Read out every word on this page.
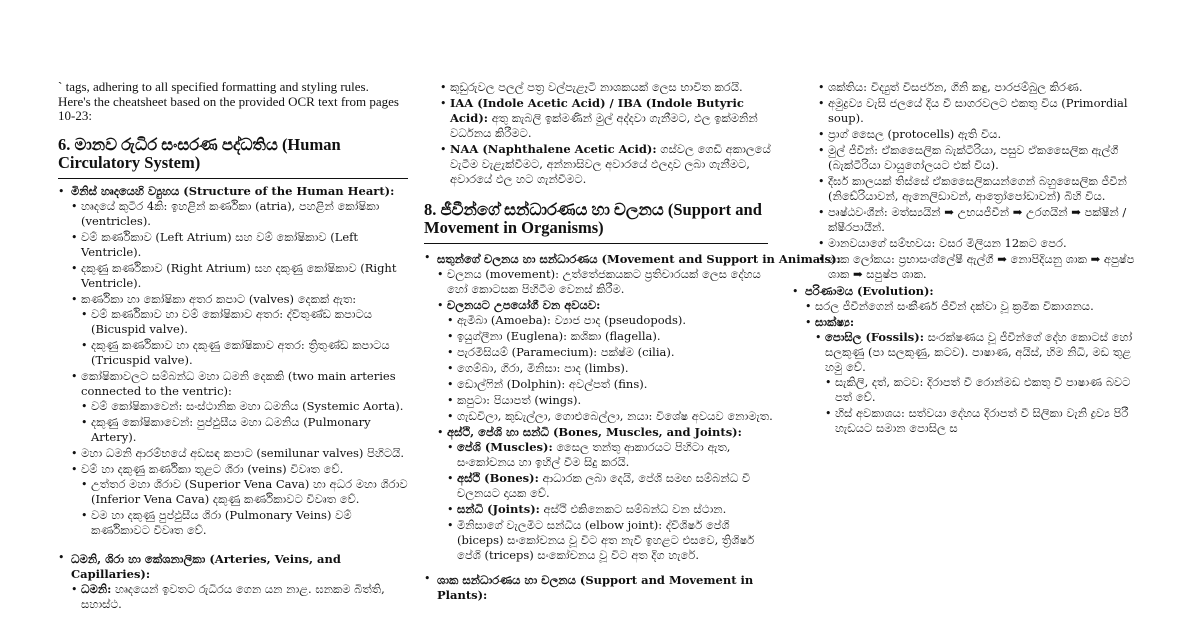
` tags, adhering to all specified formatting and styling rules.

Here's the cheatsheet based on the provided OCR text from pages

10-23:

6. මානව රුධිර සංසරණ පද්ධතිය (Human Circulatory System)
• මිනිස් හෘදයෙහි ව්‍යුහය (Structure of the Human Heart):
• හෘදයේ කුටීර 4කි: ඉහළින් කර්ණිකා (atria), පහළින් කෝෂිකා (ventricles).
• වම් කර්ණිකාව (Left Atrium) සහ වම් කෝෂිකාව (Left Ventricle).
• දකුණු කර්ණිකාව (Right Atrium) සහ දකුණු කෝෂිකාව (Right Ventricle).
• කර්ණිකා හා කෝෂිකා අතර කපාට (valves) දෙකක් ඇත:
• වම් කර්ණිකාව හා වම් කෝෂිකාව අතර: ද්විතුණ්ඩ කපාටය (Bicuspid valve).
• දකුණු කර්ණිකාව හා දකුණු කෝෂිකාව අතර: ත්‍රිතුණ්ඩ කපාටය (Tricuspid valve).
• කෝෂිකාවලට සම්බන්ධ මහා ධමනි දෙකකි (two main arteries connected to the ventric):
• වම් කෝෂිකාවෙන්: සංස්ථානික මහා ධමනිය (Systemic Aorta).
• දකුණු කෝෂිකාවෙන්: පුප්ඵුසීය මහා ධමනිය (Pulmonary Artery).
• මහා ධමනි ආරම්භයේ අඩසඳ කපාට (semilunar valves) පිහිටයි.
• වම් හා දකුණු කර්ණිකා තුළට ශිරා (veins) විවෘත වේ.
• උත්තර මහා ශිරාව (Superior Vena Cava) හා අධර මහා ශිරාව (Inferior Vena Cava) දකුණු කර්ණිකාවට විවෘත වේ.
• වම හා දකුණු පුප්ඵුසීය ශිරා (Pulmonary Veins) වම් කර්ණිකාවට විවෘත වේ.
• ධමනි, ශිරා හා කේශනාලිකා (Arteries, Veins, and Capillaries):
• ධමනි: හෘදයෙන් ඉවතට රුධිරය ගෙන යන නාළ. ඝනකම බිත්ති, සහාස්ථ.
• කුඩුරුවල පලල් පත්‍ර වල්පැළෑටි නාශකයක් ලෙස භාවිත කරයි.
• IAA (Indole Acetic Acid) / IBA (Indole Butyric Acid): අතු කැබලි ඉක්මණින් මුල් අද්දවා ගැනීමට, ඵල ඉක්මනින් වර්ධනය කිරීමට.
• NAA (Naphthalene Acetic Acid): ගස්වල ගෙඩි අකාලයේ වැටීම වැළැක්වීමට, අන්නාසිවල අවාරයේ ඵලදාව ලබා ගැනීමට, අවාරයේ ඵල හට ගැන්වීමට.
8. ජීවීන්ගේ සන්ධාරණය හා චලනය (Support and Movement in Organisms)
• සතුන්ගේ චලනය හා සන්ධාරණය (Movement and Support in Animals):
• චලනය (movement): උත්තේජකයකට ප්‍රතිචාරයක් ලෙස දේහය හෝ කොටසක පිහිටීම වෙනස් කිරීම.
• චලනයට උපයෝගී වන අවයව:
• ඇමීබා (Amoeba): ව්‍යාජ පාද (pseudopods).
• ඉයුග්ලීනා (Euglena): කශිකා (flagella).
• පැරමීසියම් (Paramecium): පක්ෂ්ම (cilia).
• ගෙම්බා, ගිරා, මිනිසා: පාද (limbs).
• ඩොල්ෆින් (Dolphin): අවල්පත් (fins).
• කපුටා: පියාපත් (wings).
• ගැඩවිලා, කුඩැල්ලා, ගොළුබෙල්ලා, නයා: විශේෂ අවයව නොමැත.
• අස්ථි, පේශි හා සන්ධි (Bones, Muscles, and Joints):
• පේශි (Muscles): සෛල තන්තු ආකාරයට පිහිටා ඇත, සංකෝචනය හා ඉහිල් වීම සිදු කරයි.
• අස්ථි (Bones): ආධාරක ලබා දෙයි, පේශි සමඟ සම්බන්ධ වී චලනයට දායක වේ.
• සන්ධි (Joints): අස්ථි එකිනෙකට සම්බන්ධ වන ස්ථාන.
• මිනිසාගේ වැලමිට සන්ධිය (elbow joint): ද්විශිර්ෂ පේශි (biceps) සංකෝචනය වූ විට අත නැවී ඉහළට එසවෙ, ත්‍රිශිර්ෂ පේශි (triceps) සංකෝචනය වූ විට අත දිග හැරේ.
• ශාක සන්ධාරණය හා චලනය (Support and Movement in Plants):
• ශක්තිය: විද්‍යුත් විසර්ජන, ගිනි කඳු, පාරජම්බුල කිරණ.
• අමුද්‍රව්‍ය වැසි ජලයේ දිය වී සාගරවලට එකතු විය (Primordial soup).
• ප්‍රාග් සෛල (protocells) ඇති විය.
• මුල් ජීවීන්: ඒකසෛලික බැක්ටීරියා, පසුව ඒකසෛලික ඇල්ගී (බැක්ටීරියා වායුගෝලයට එක් විය).
• දීර්ඝ කාලයක් තිස්සේ ඒකසෛලිකයන්ගෙන් බහුසෛලික ජීවීන් (නිඩේරියාවන්, ඇනෙලිඩාවන්, ආත්‍රෝපෝඩාවන්) බිහි විය.
• පෘෂ්ඨවංශීන්: මත්ස්‍යයින් ➡ උභයජීවීන් ➡ උරගයින් ➡ පක්ෂීන් / ක්ෂීරපායීන්.
• මානවයාගේ සම්භවය: වසර මිලියන 12කට පෙර.
• ශාක ලෝකය: ප්‍රභාසංශ්ලේෂී ඇල්ගී ➡ නොපිදියනු ශාක ➡ අපුෂ්ප ශාක ➡ සපුෂ්ප ශාක.
• පරිණාමය (Evolution):
• සරල ජීවීන්ගෙන් සංකීර්ණ ජීවීන් දක්වා වූ ක්‍රමික විකාශනය.
• සාක්ෂ්‍ය:
• පොසිල (Fossils): සංරක්ෂණය වූ ජීවීන්ගේ දේහ කොටස් හෝ සලකුණු (පා සලකුණු, කටව). පාෂාණ, අයිස්, හිම නිධි, මඩ තුළ හමු වේ.
• සැකිලි, දත්, කටව: දිරාපත් වී රොන්මඩ එකතු වී පාෂාණ බවට පත් වේ.
• හිස් අවකාශය: සත්වයා දේහය දිරාපත් වී සිලිකා වැනි ද්‍රව්‍ය පිරී හැඩයට සමාන පොසිල ස
